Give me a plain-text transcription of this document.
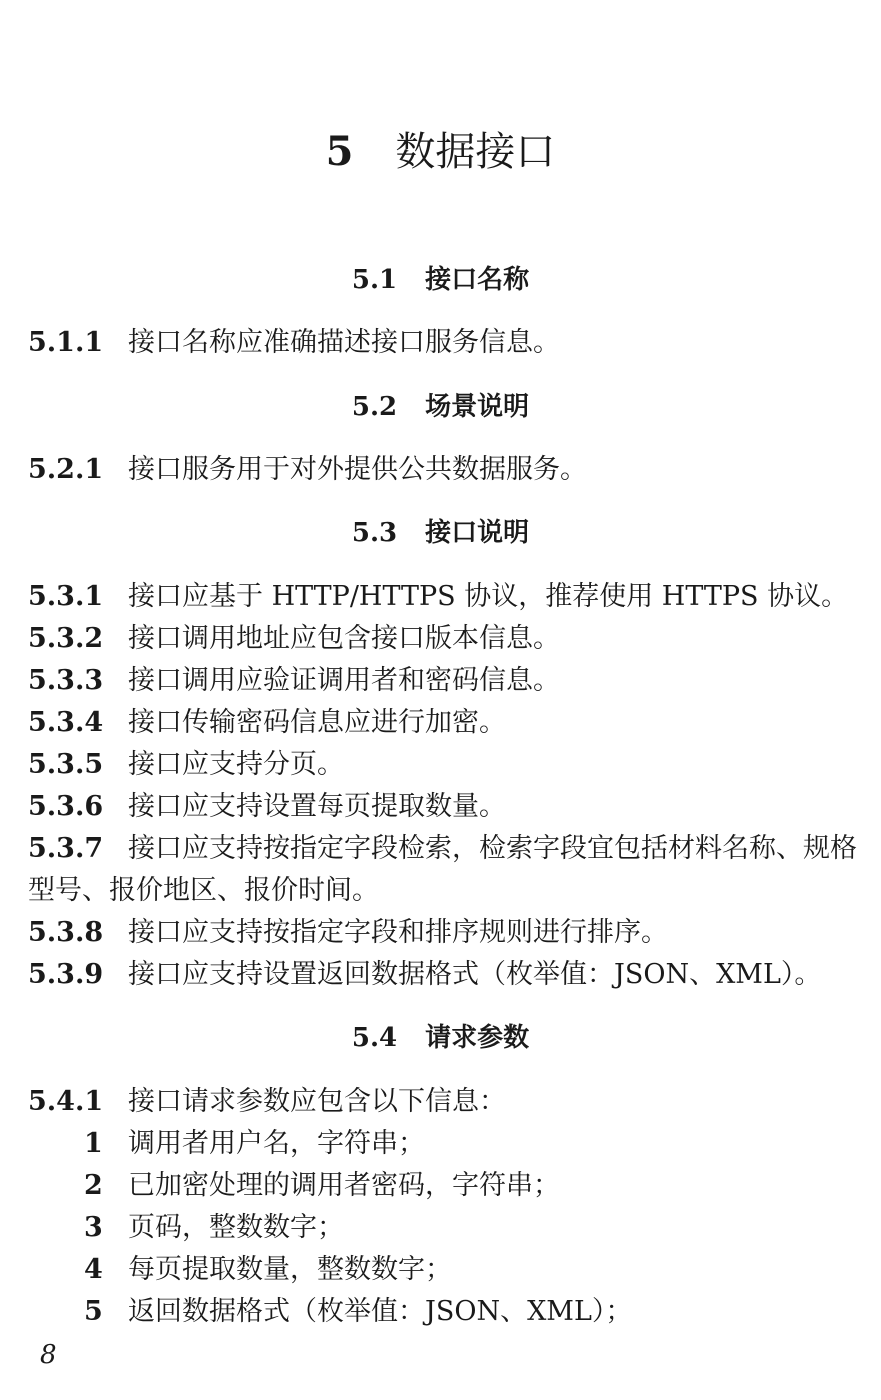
5 数据接口
5.1 接口名称
5.1.1 接口名称应准确描述接口服务信息。
5.2 场景说明
5.2.1 接口服务用于对外提供公共数据服务。
5.3 接口说明
5.3.1 接口应基于 HTTP/HTTPS 协议，推荐使用 HTTPS 协议。
5.3.2 接口调用地址应包含接口版本信息。
5.3.3 接口调用应验证调用者和密码信息。
5.3.4 接口传输密码信息应进行加密。
5.3.5 接口应支持分页。
5.3.6 接口应支持设置每页提取数量。
5.3.7 接口应支持按指定字段检索，检索字段宜包括材料名称、规格型号、报价地区、报价时间。
5.3.8 接口应支持按指定字段和排序规则进行排序。
5.3.9 接口应支持设置返回数据格式（枚举值：JSON、XML）。
5.4 请求参数
5.4.1 接口请求参数应包含以下信息：
1 调用者用户名，字符串；
2 已加密处理的调用者密码，字符串；
3 页码，整数数字；
4 每页提取数量，整数数字；
5 返回数据格式（枚举值：JSON、XML）；
8
